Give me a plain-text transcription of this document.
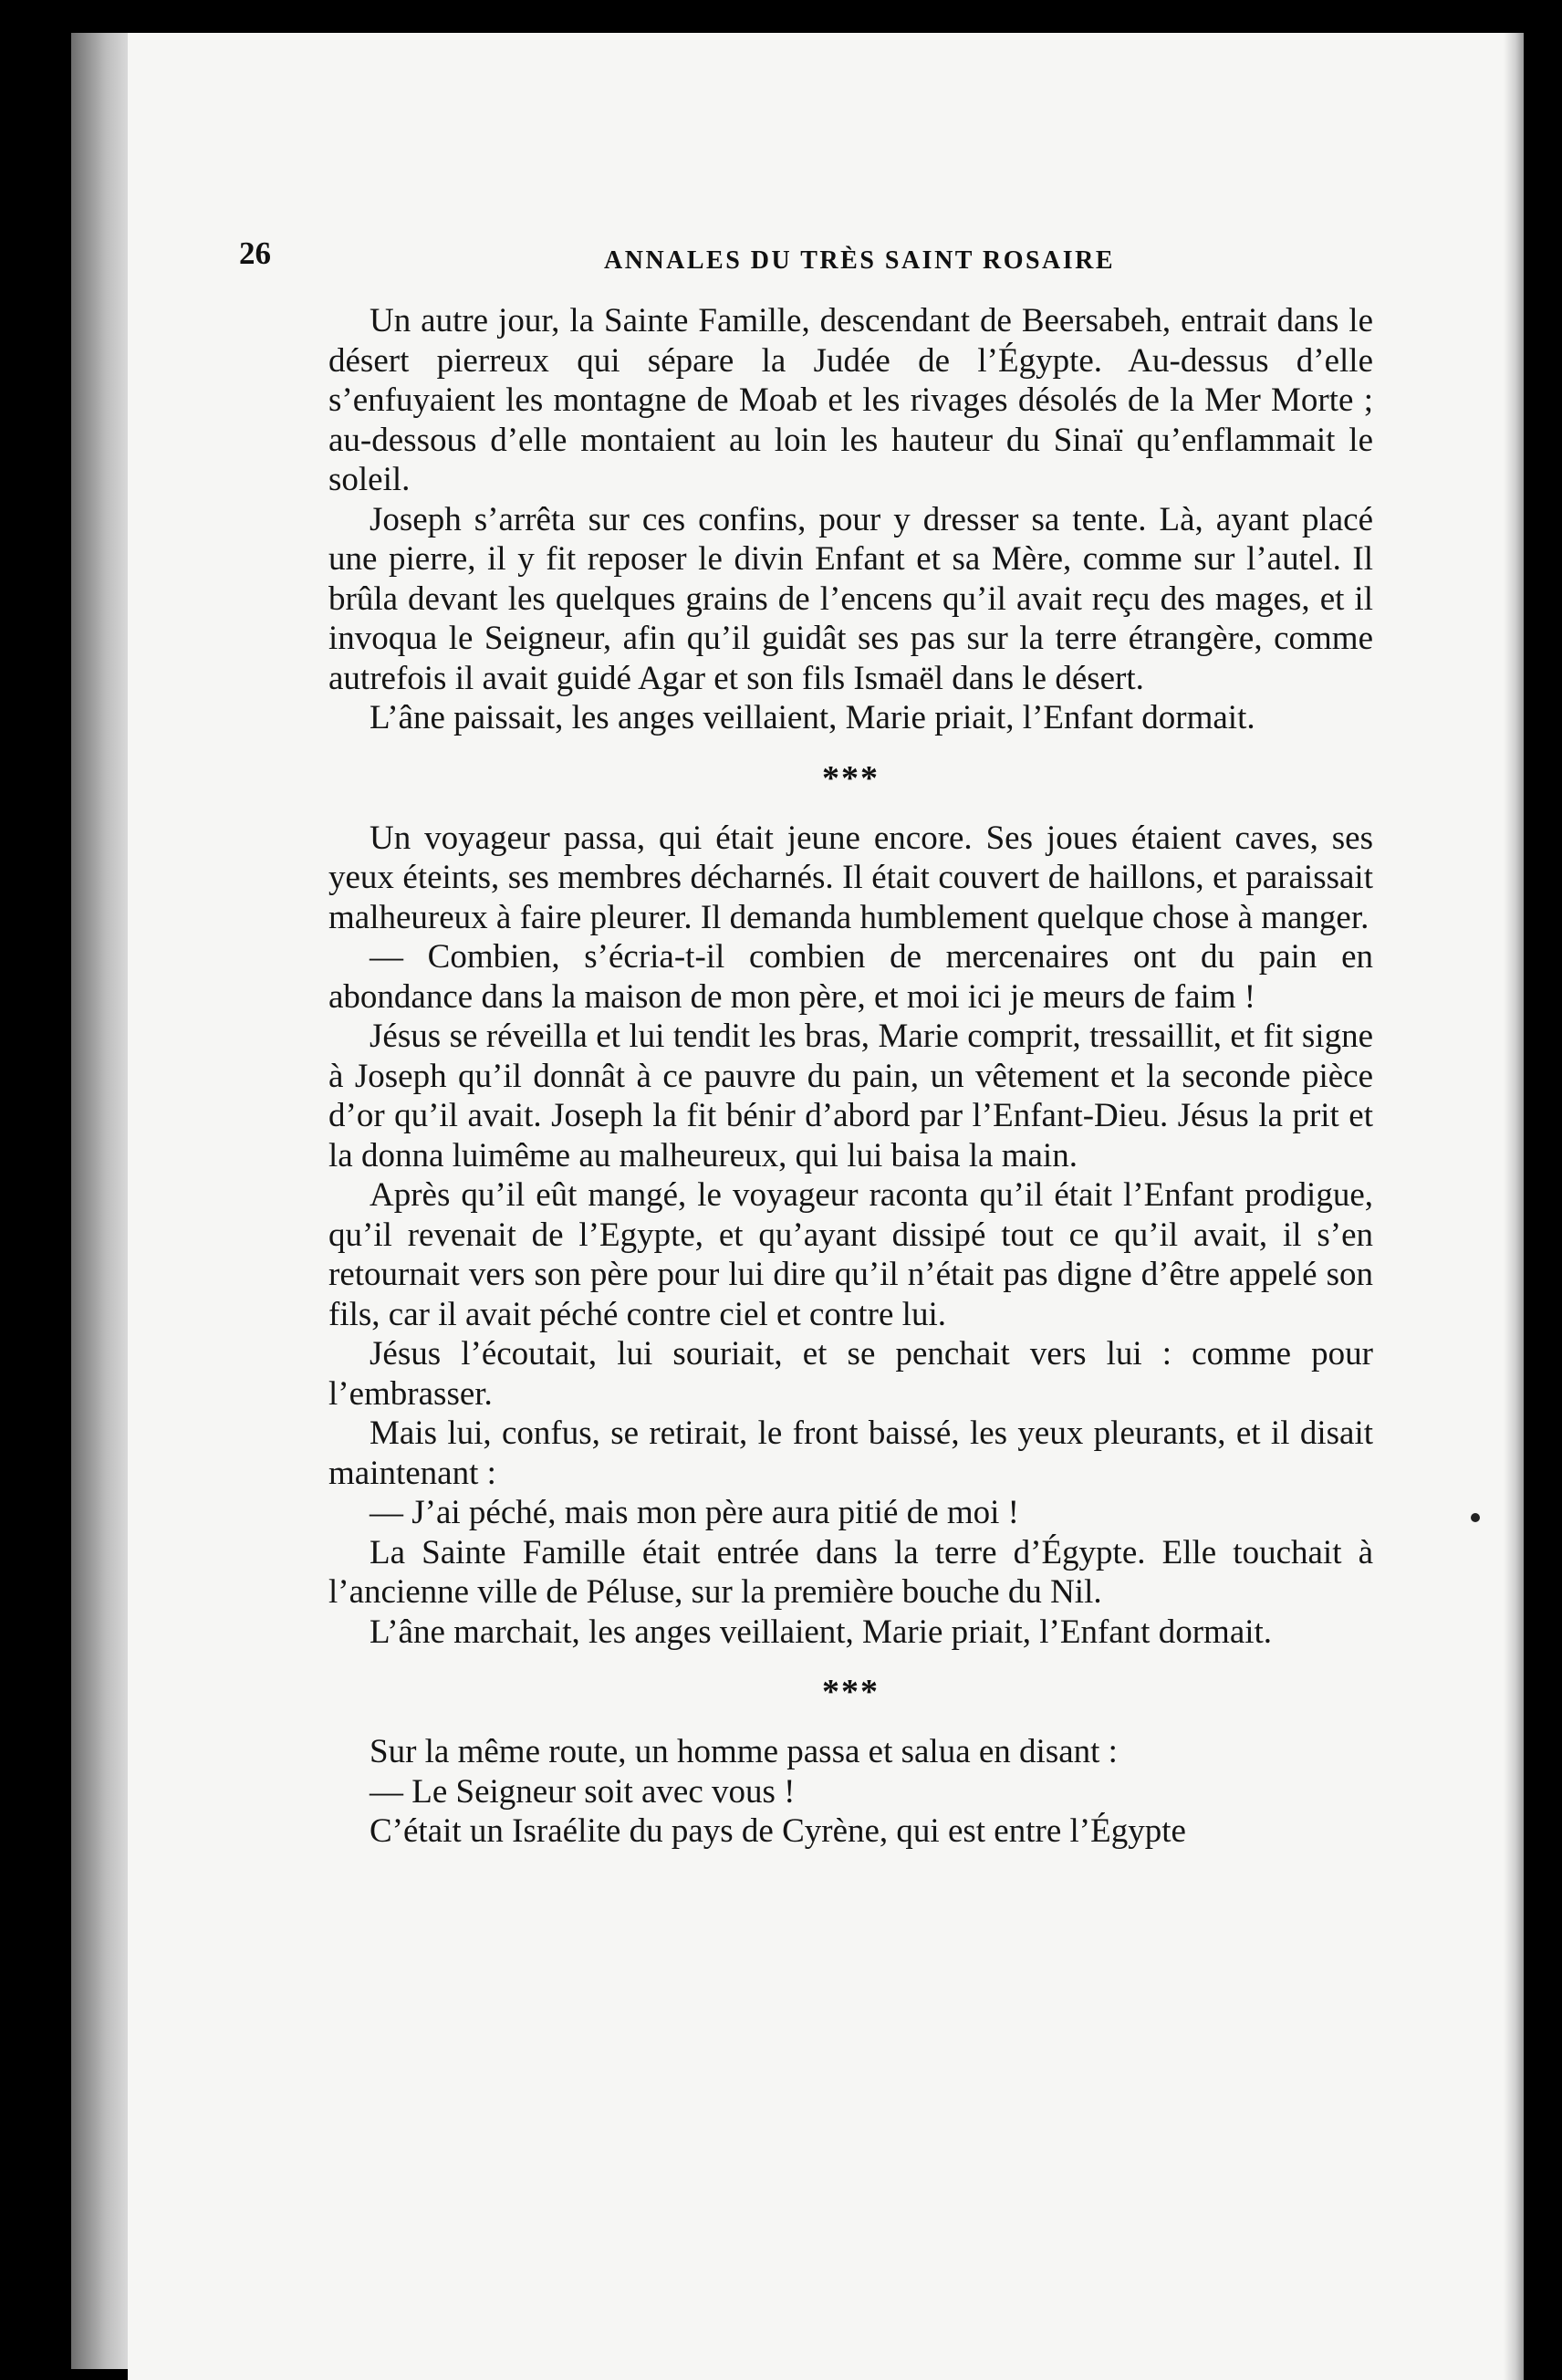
26	ANNALES DU TRÈS SAINT ROSAIRE

Un autre jour, la Sainte Famille, descendant de Beersabeh, entrait dans le désert pierreux qui sépare la Judée de l’Égypte. Au-dessus d’elle s’enfuyaient les montagne de Moab et les rivages désolés de la Mer Morte ; au-dessous d’elle montaient au loin les hauteur du Sinaï qu’enflammait le soleil.

Joseph s’arrêta sur ces confins, pour y dresser sa tente. Là, ayant placé une pierre, il y fit reposer le divin Enfant et sa Mère, comme sur l’autel. Il brûla devant les quelques grains de l’encens qu’il avait reçu des mages, et il invoqua le Seigneur, afin qu’il guidât ses pas sur la terre étrangère, comme autrefois il avait guidé Agar et son fils Ismaël dans le désert.

L’âne paissait, les anges veillaient, Marie priait, l’Enfant dormait.

***

Un voyageur passa, qui était jeune encore. Ses joues étaient caves, ses yeux éteints, ses membres décharnés. Il était couvert de haillons, et paraissait malheureux à faire pleurer. Il demanda humblement quelque chose à manger.

— Combien, s’écria-t-il combien de mercenaires ont du pain en abondance dans la maison de mon père, et moi ici je meurs de faim !

Jésus se réveilla et lui tendit les bras, Marie comprit, tressaillit, et fit signe à Joseph qu’il donnât à ce pauvre du pain, un vêtement et la seconde pièce d’or qu’il avait. Joseph la fit bénir d’abord par l’Enfant-Dieu. Jésus la prit et la donna luimême au malheureux, qui lui baisa la main.

Après qu’il eût mangé, le voyageur raconta qu’il était l’Enfant prodigue, qu’il revenait de l’Egypte, et qu’ayant dissipé tout ce qu’il avait, il s’en retournait vers son père pour lui dire qu’il n’était pas digne d’être appelé son fils, car il avait péché contre ciel et contre lui.

Jésus l’écoutait, lui souriait, et se penchait vers lui : comme pour l’embrasser.

Mais lui, confus, se retirait, le front baissé, les yeux pleurants, et il disait maintenant :

— J’ai péché, mais mon père aura pitié de moi !

La Sainte Famille était entrée dans la terre d’Égypte. Elle touchait à l’ancienne ville de Péluse, sur la première bouche du Nil.

L’âne marchait, les anges veillaient, Marie priait, l’Enfant dormait.

***

Sur la même route, un homme passa et salua en disant :

— Le Seigneur soit avec vous !

C’était un Israélite du pays de Cyrène, qui est entre l’Égypte
